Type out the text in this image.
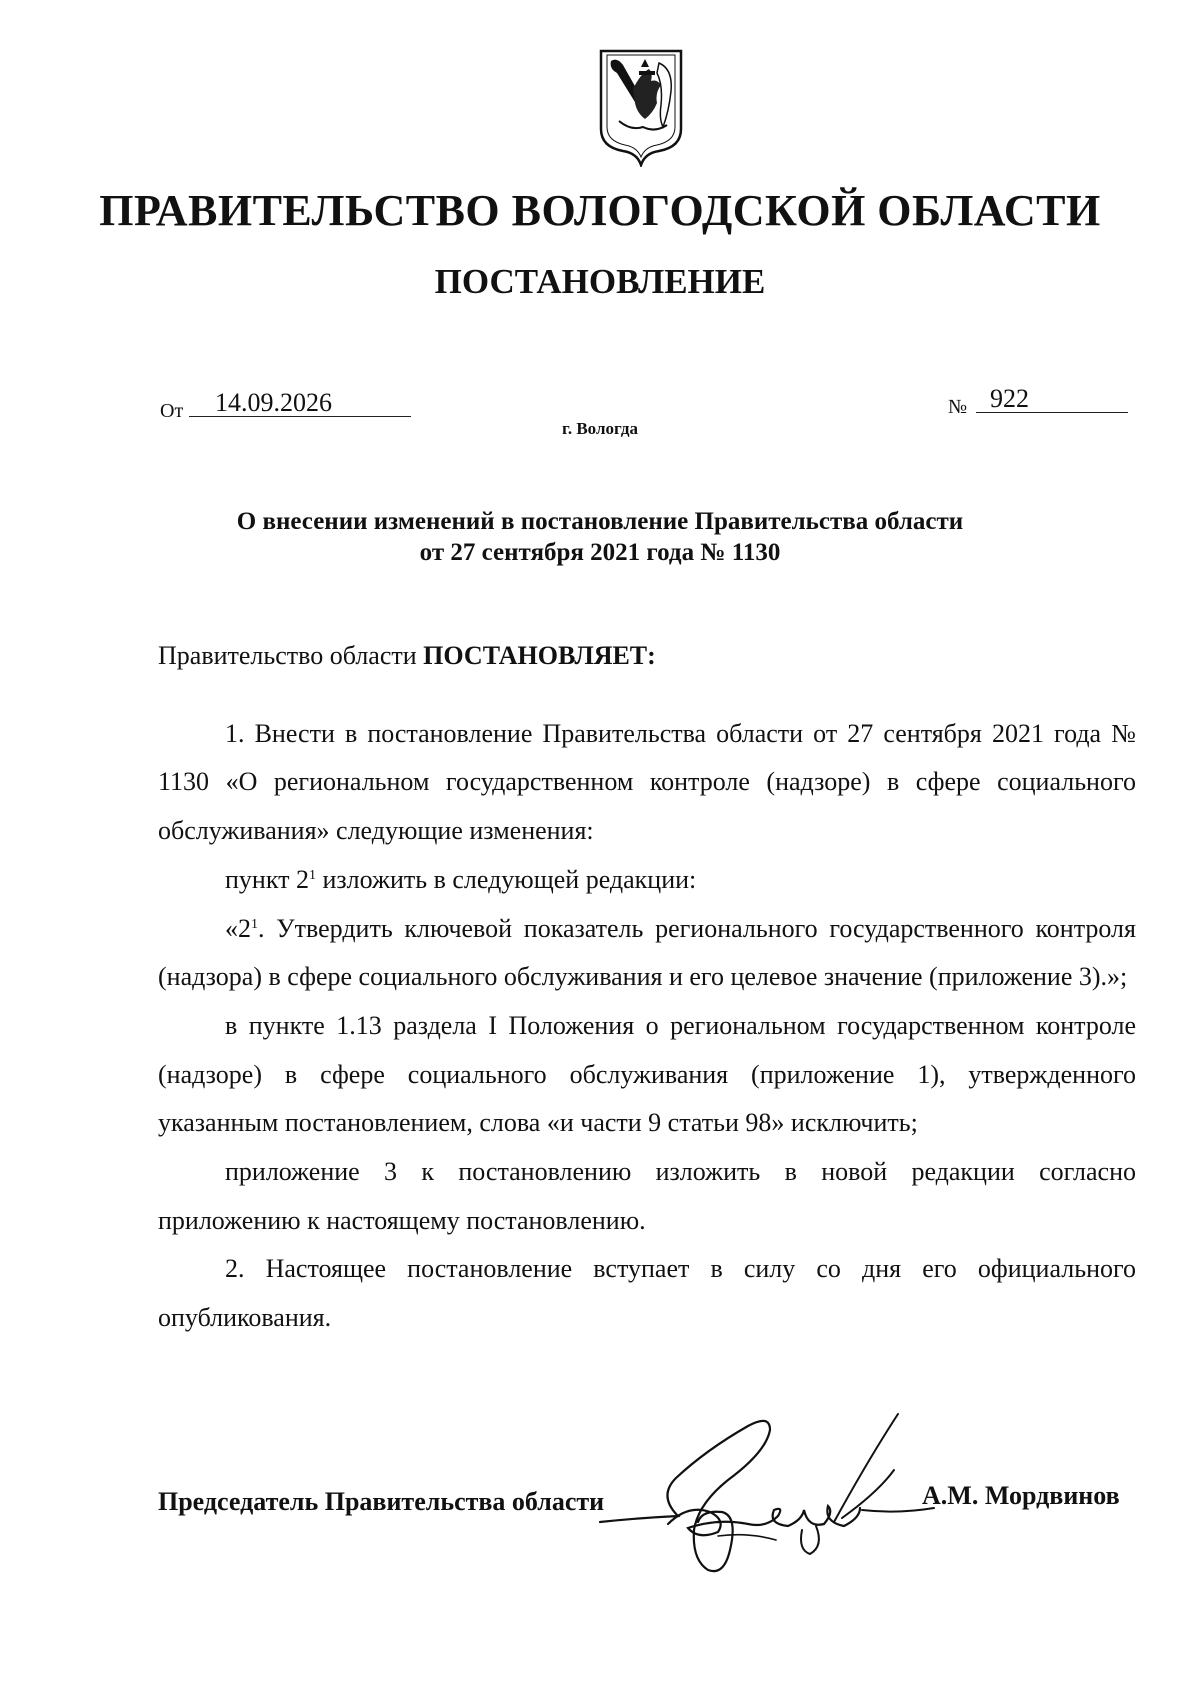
ПРАВИТЕЛЬСТВО ВОЛОГОДСКОЙ ОБЛАСТИ
ПОСТАНОВЛЕНИЕ
От 14.09.2026	№ 922
г. Вологда
О внесении изменений в постановление Правительства области
от 27 сентября 2021 года № 1130

Правительство области ПОСТАНОВЛЯЕТ:

1. Внести в постановление Правительства области от 27 сентября 2021 года № 1130 «О региональном государственном контроле (надзоре) в сфере социального обслуживания» следующие изменения:

пункт $2^1$ изложить в следующей редакции:

«$2^1$. Утвердить ключевой показатель регионального государственного контроля (надзора) в сфере социального обслуживания и его целевое значение (приложение 3).»;

в пункте 1.13 раздела I Положения о региональном государственном контроле (надзоре) в сфере социального обслуживания (приложение 1), утвержденного указанным постановлением, слова «и части 9 статьи 98» исключить;

приложение 3 к постановлению изложить в новой редакции согласно приложению к настоящему постановлению.

2. Настоящее постановление вступает в силу со дня его официального опубликования.

Председатель Правительства области	А.М. Мордвинов
